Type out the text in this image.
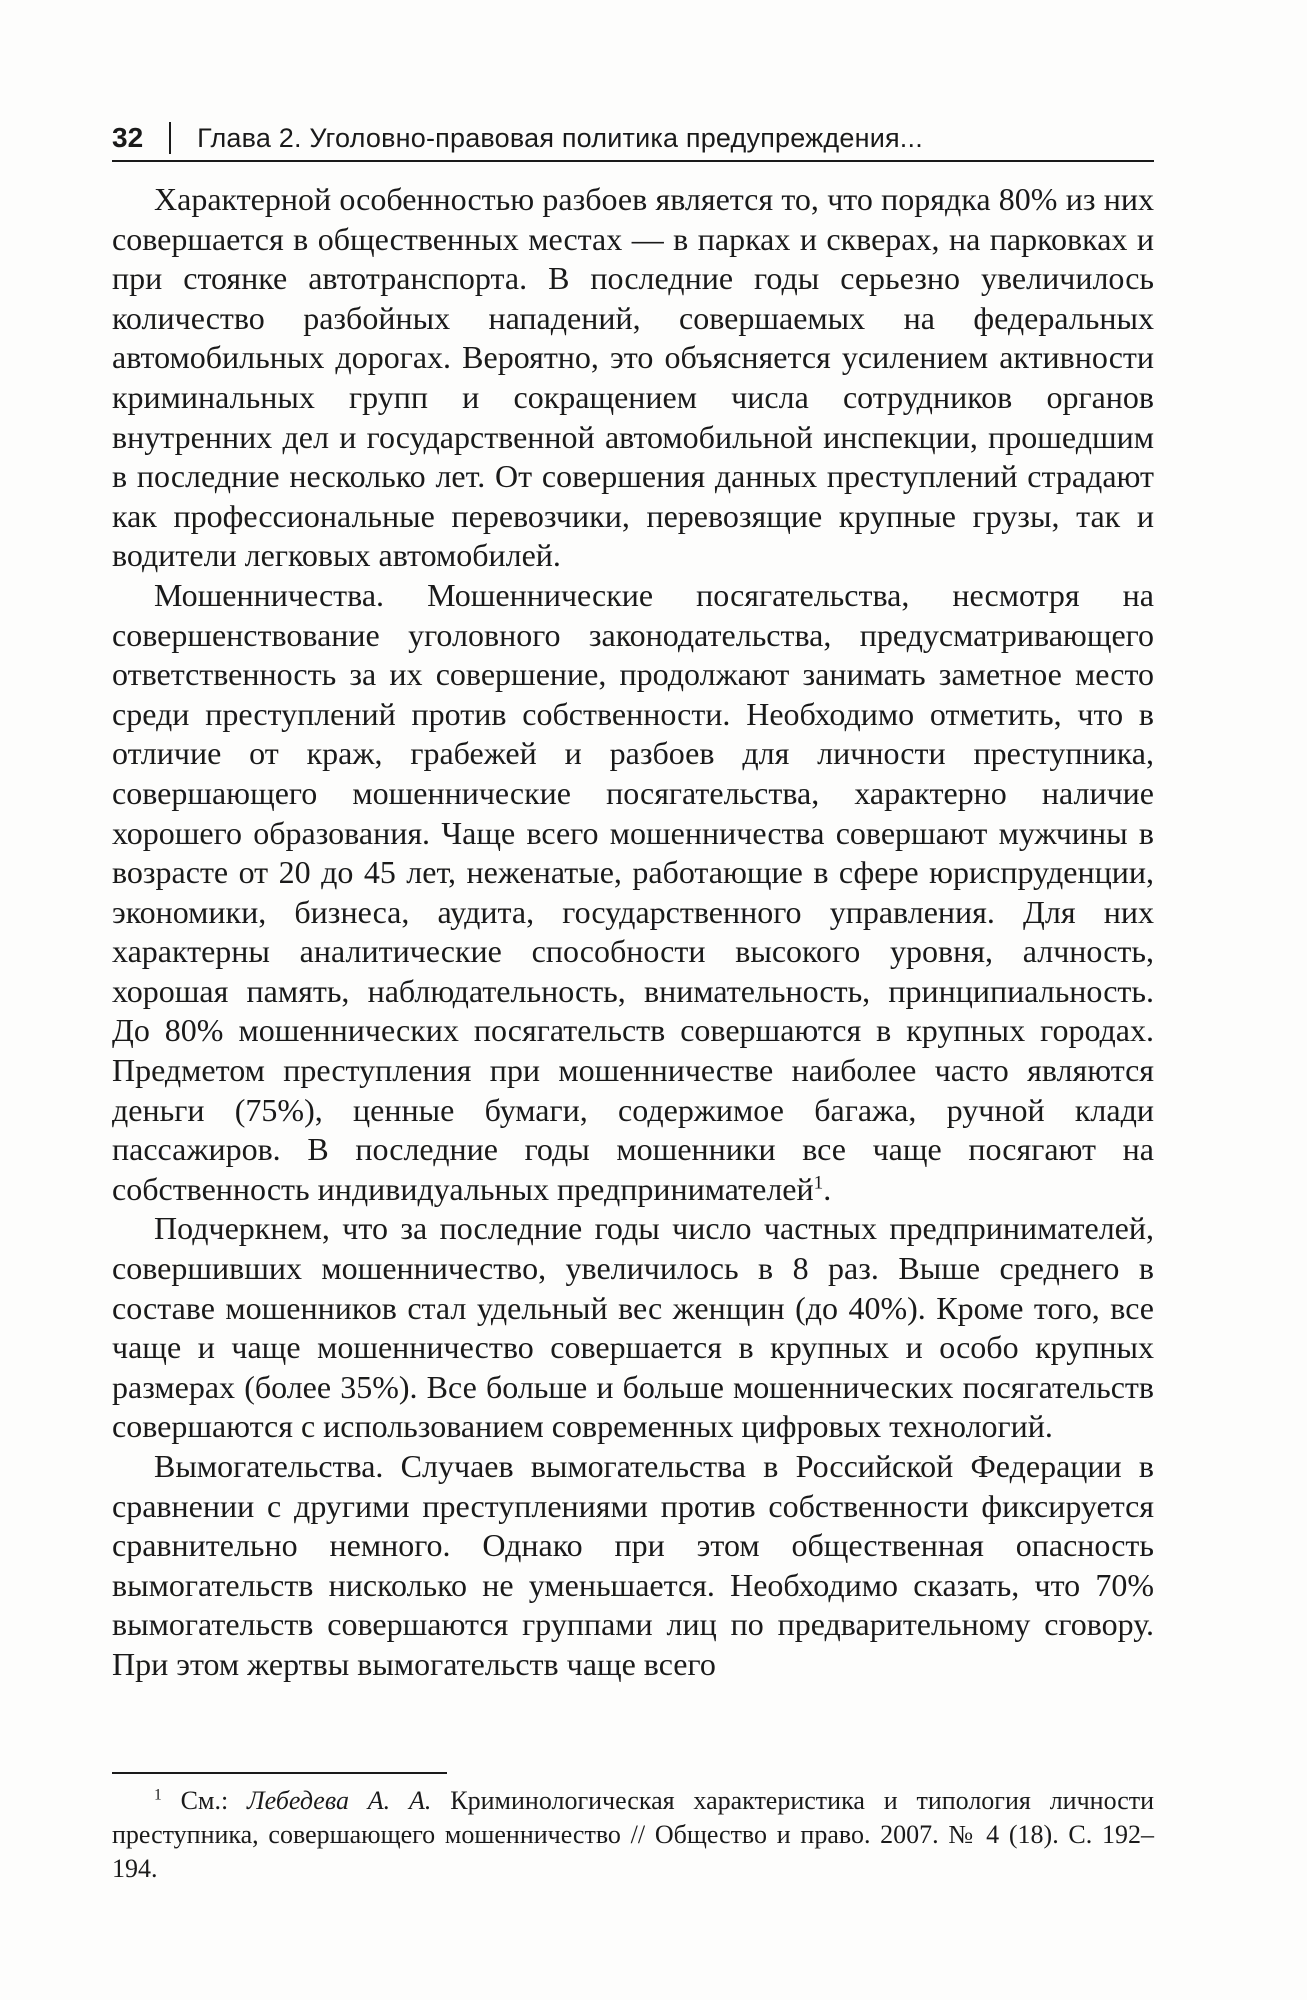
32 Глава 2. Уголовно-правовая политика предупреждения...

Характерной особенностью разбоев является то, что порядка 80% из них совершается в общественных местах — в парках и скверах, на парковках и при стоянке автотранспорта. В последние годы серьезно увеличилось количество разбойных нападений, совершаемых на федеральных автомобильных дорогах. Вероятно, это объясняется усилением активности криминальных групп и сокращением числа сотрудников органов внутренних дел и государственной автомобильной инспекции, прошедшим в последние несколько лет. От совершения данных преступлений страдают как профессиональные перевозчики, перевозящие крупные грузы, так и водители легковых автомобилей.

Мошенничества. Мошеннические посягательства, несмотря на совершенствование уголовного законодательства, предусматривающего ответственность за их совершение, продолжают занимать заметное место среди преступлений против собственности. Необходимо отметить, что в отличие от краж, грабежей и разбоев для личности преступника, совершающего мошеннические посягательства, характерно наличие хорошего образования. Чаще всего мошенничества совершают мужчины в возрасте от 20 до 45 лет, неженатые, работающие в сфере юриспруденции, экономики, бизнеса, аудита, государственного управления. Для них характерны аналитические способности высокого уровня, алчность, хорошая память, наблюдательность, внимательность, принципиальность. До 80% мошеннических посягательств совершаются в крупных городах. Предметом преступления при мошенничестве наиболее часто являются деньги (75%), ценные бумаги, содержимое багажа, ручной клади пассажиров. В последние годы мошенники все чаще посягают на собственность индивидуальных предпринимателей$^1$.

Подчеркнем, что за последние годы число частных предпринимателей, совершивших мошенничество, увеличилось в 8 раз. Выше среднего в составе мошенников стал удельный вес женщин (до 40%). Кроме того, все чаще и чаще мошенничество совершается в крупных и особо крупных размерах (более 35%). Все больше и больше мошеннических посягательств совершаются с использованием современных цифровых технологий.

Вымогательства. Случаев вымогательства в Российской Федерации в сравнении с другими преступлениями против собственности фиксируется сравнительно немного. Однако при этом общественная опасность вымогательств нисколько не уменьшается. Необходимо сказать, что 70% вымогательств совершаются группами лиц по предварительному сговору. При этом жертвы вымогательств чаще всего

$^1$ См.: Лебедева А. А. Криминологическая характеристика и типология личности преступника, совершающего мошенничество // Общество и право. 2007. № 4 (18). С. 192–194.
